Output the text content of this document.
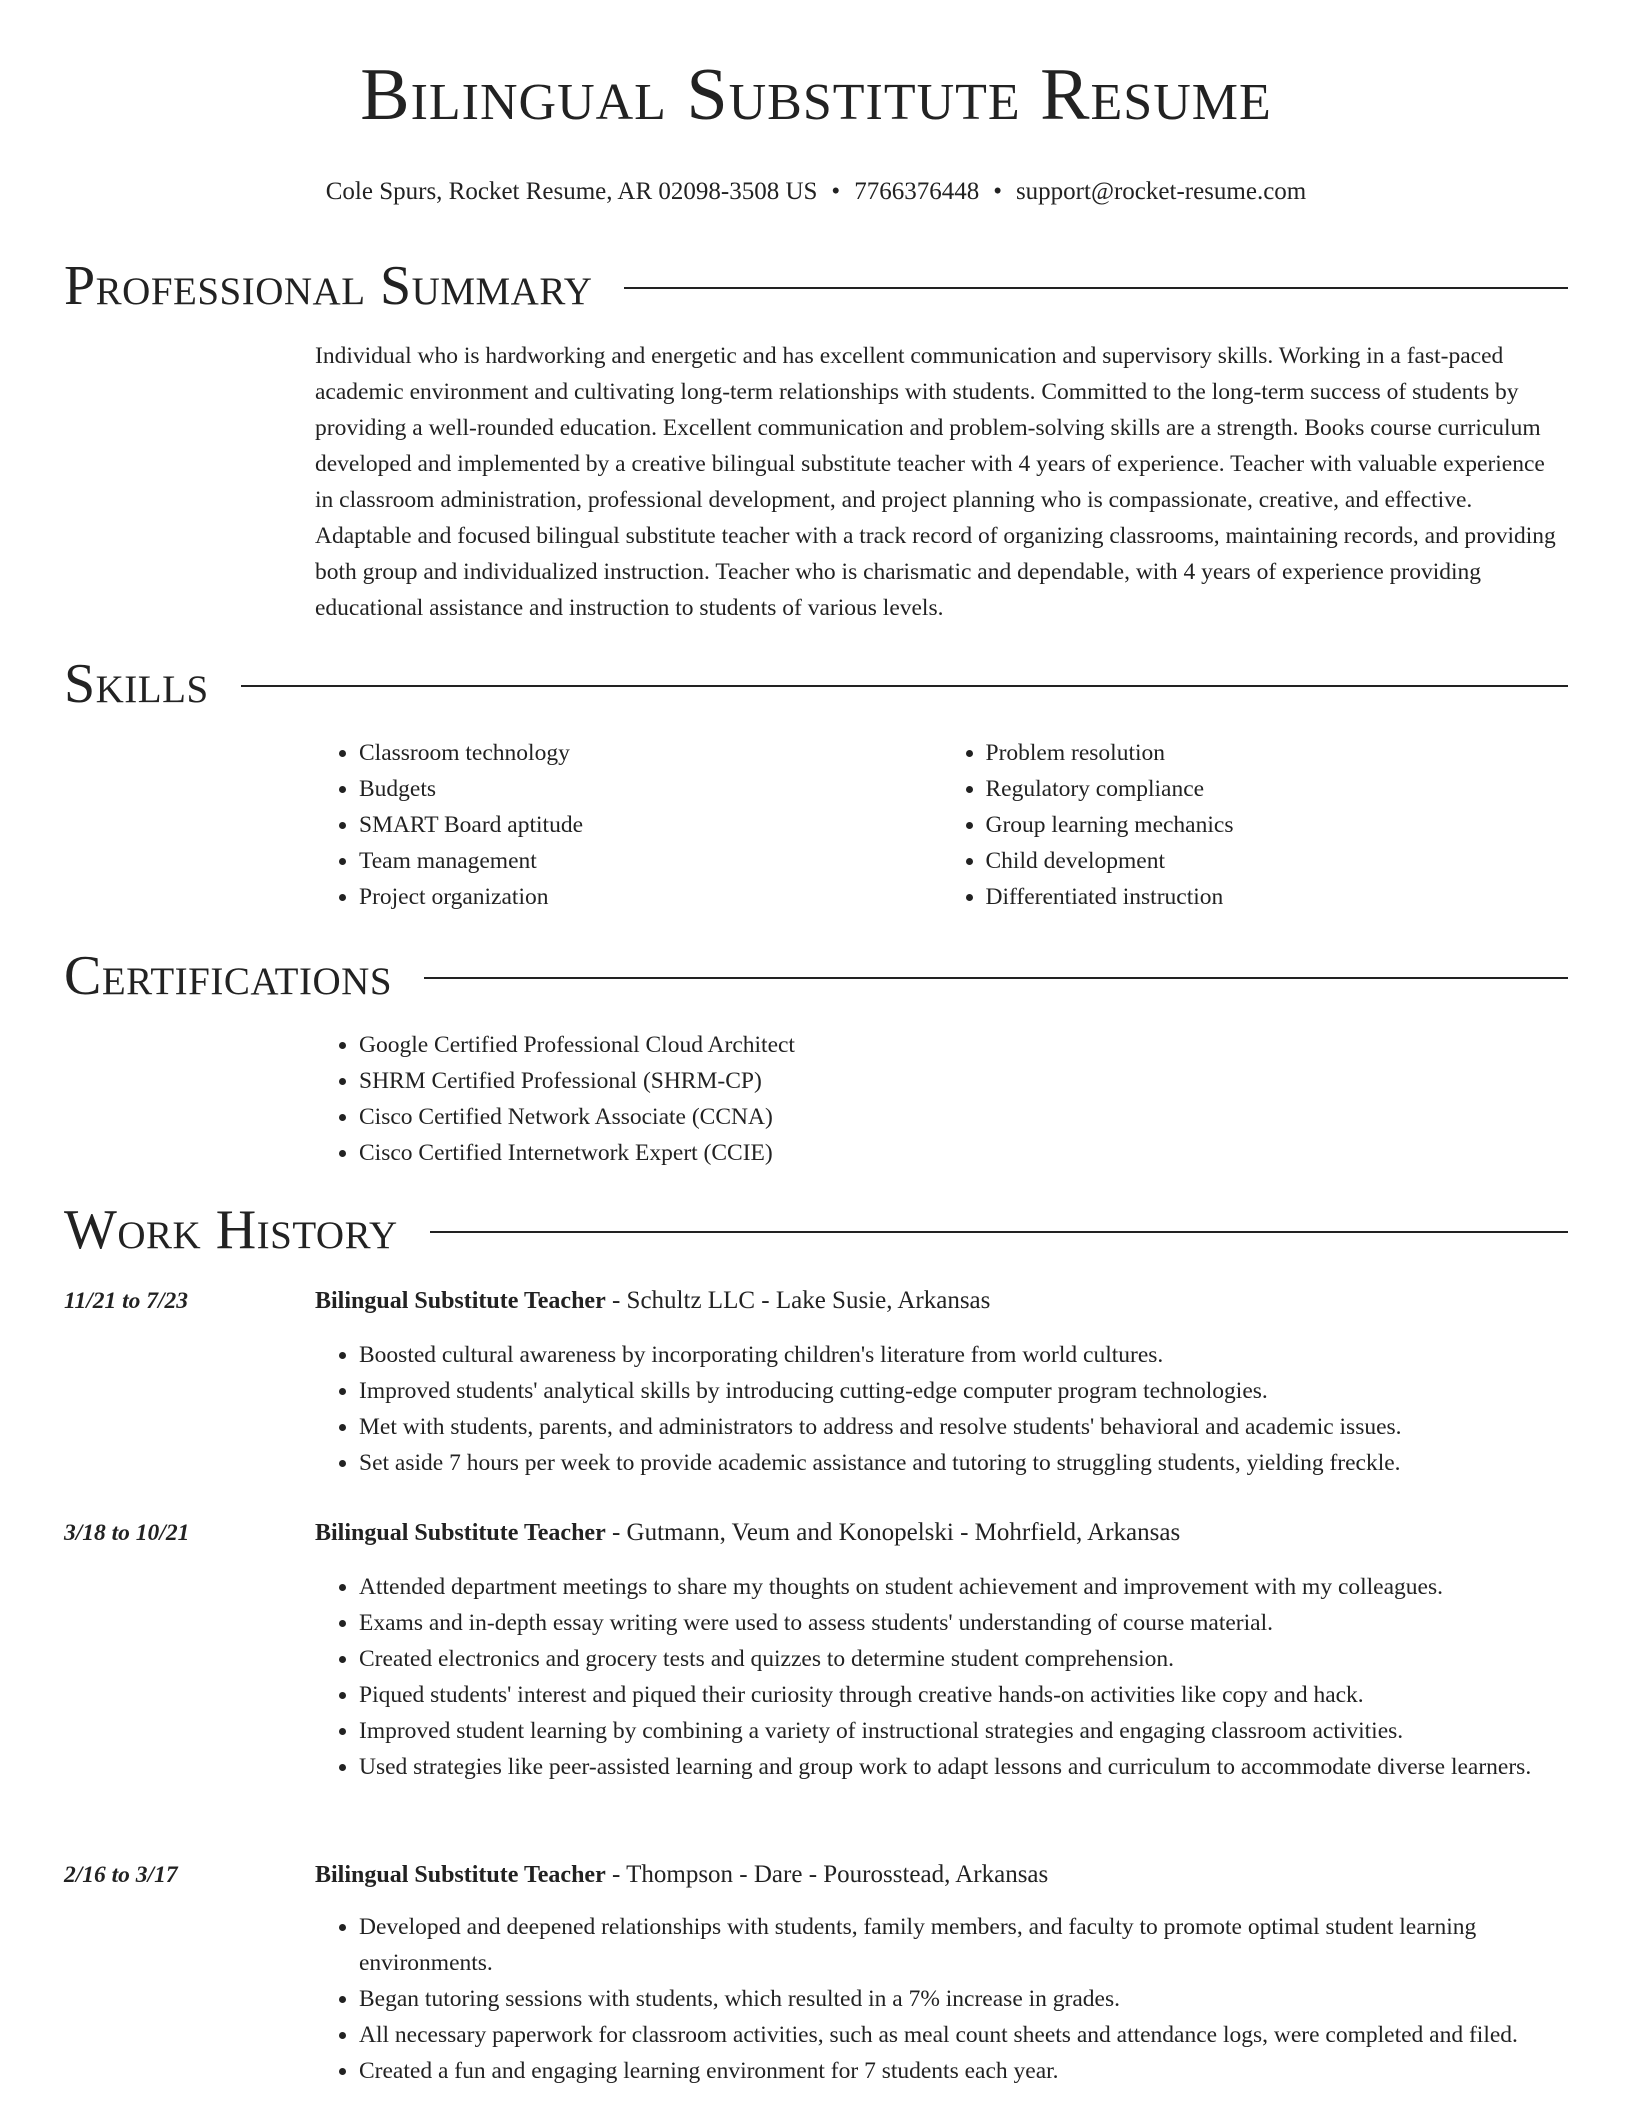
Bilingual Substitute Resume
Cole Spurs, Rocket Resume, AR 02098-3508 US • 7766376448 • support@rocket-resume.com
Professional Summary
Individual who is hardworking and energetic and has excellent communication and supervisory skills. Working in a fast-paced academic environment and cultivating long-term relationships with students. Committed to the long-term success of students by providing a well-rounded education. Excellent communication and problem-solving skills are a strength. Books course curriculum developed and implemented by a creative bilingual substitute teacher with 4 years of experience. Teacher with valuable experience in classroom administration, professional development, and project planning who is compassionate, creative, and effective. Adaptable and focused bilingual substitute teacher with a track record of organizing classrooms, maintaining records, and providing both group and individualized instruction. Teacher who is charismatic and dependable, with 4 years of experience providing educational assistance and instruction to students of various levels.
Skills
• Classroom technology
• Budgets
• SMART Board aptitude
• Team management
• Project organization
• Problem resolution
• Regulatory compliance
• Group learning mechanics
• Child development
• Differentiated instruction
Certifications
• Google Certified Professional Cloud Architect
• SHRM Certified Professional (SHRM-CP)
• Cisco Certified Network Associate (CCNA)
• Cisco Certified Internetwork Expert (CCIE)
Work History
11/21 to 7/23	Bilingual Substitute Teacher - Schultz LLC - Lake Susie, Arkansas
• Boosted cultural awareness by incorporating children's literature from world cultures.
• Improved students' analytical skills by introducing cutting-edge computer program technologies.
• Met with students, parents, and administrators to address and resolve students' behavioral and academic issues.
• Set aside 7 hours per week to provide academic assistance and tutoring to struggling students, yielding freckle.
3/18 to 10/21	Bilingual Substitute Teacher - Gutmann, Veum and Konopelski - Mohrfield, Arkansas
• Attended department meetings to share my thoughts on student achievement and improvement with my colleagues.
• Exams and in-depth essay writing were used to assess students' understanding of course material.
• Created electronics and grocery tests and quizzes to determine student comprehension.
• Piqued students' interest and piqued their curiosity through creative hands-on activities like copy and hack.
• Improved student learning by combining a variety of instructional strategies and engaging classroom activities.
• Used strategies like peer-assisted learning and group work to adapt lessons and curriculum to accommodate diverse learners.
2/16 to 3/17	Bilingual Substitute Teacher - Thompson - Dare - Pourosstead, Arkansas
• Developed and deepened relationships with students, family members, and faculty to promote optimal student learning environments.
• Began tutoring sessions with students, which resulted in a 7% increase in grades.
• All necessary paperwork for classroom activities, such as meal count sheets and attendance logs, were completed and filed.
• Created a fun and engaging learning environment for 7 students each year.
